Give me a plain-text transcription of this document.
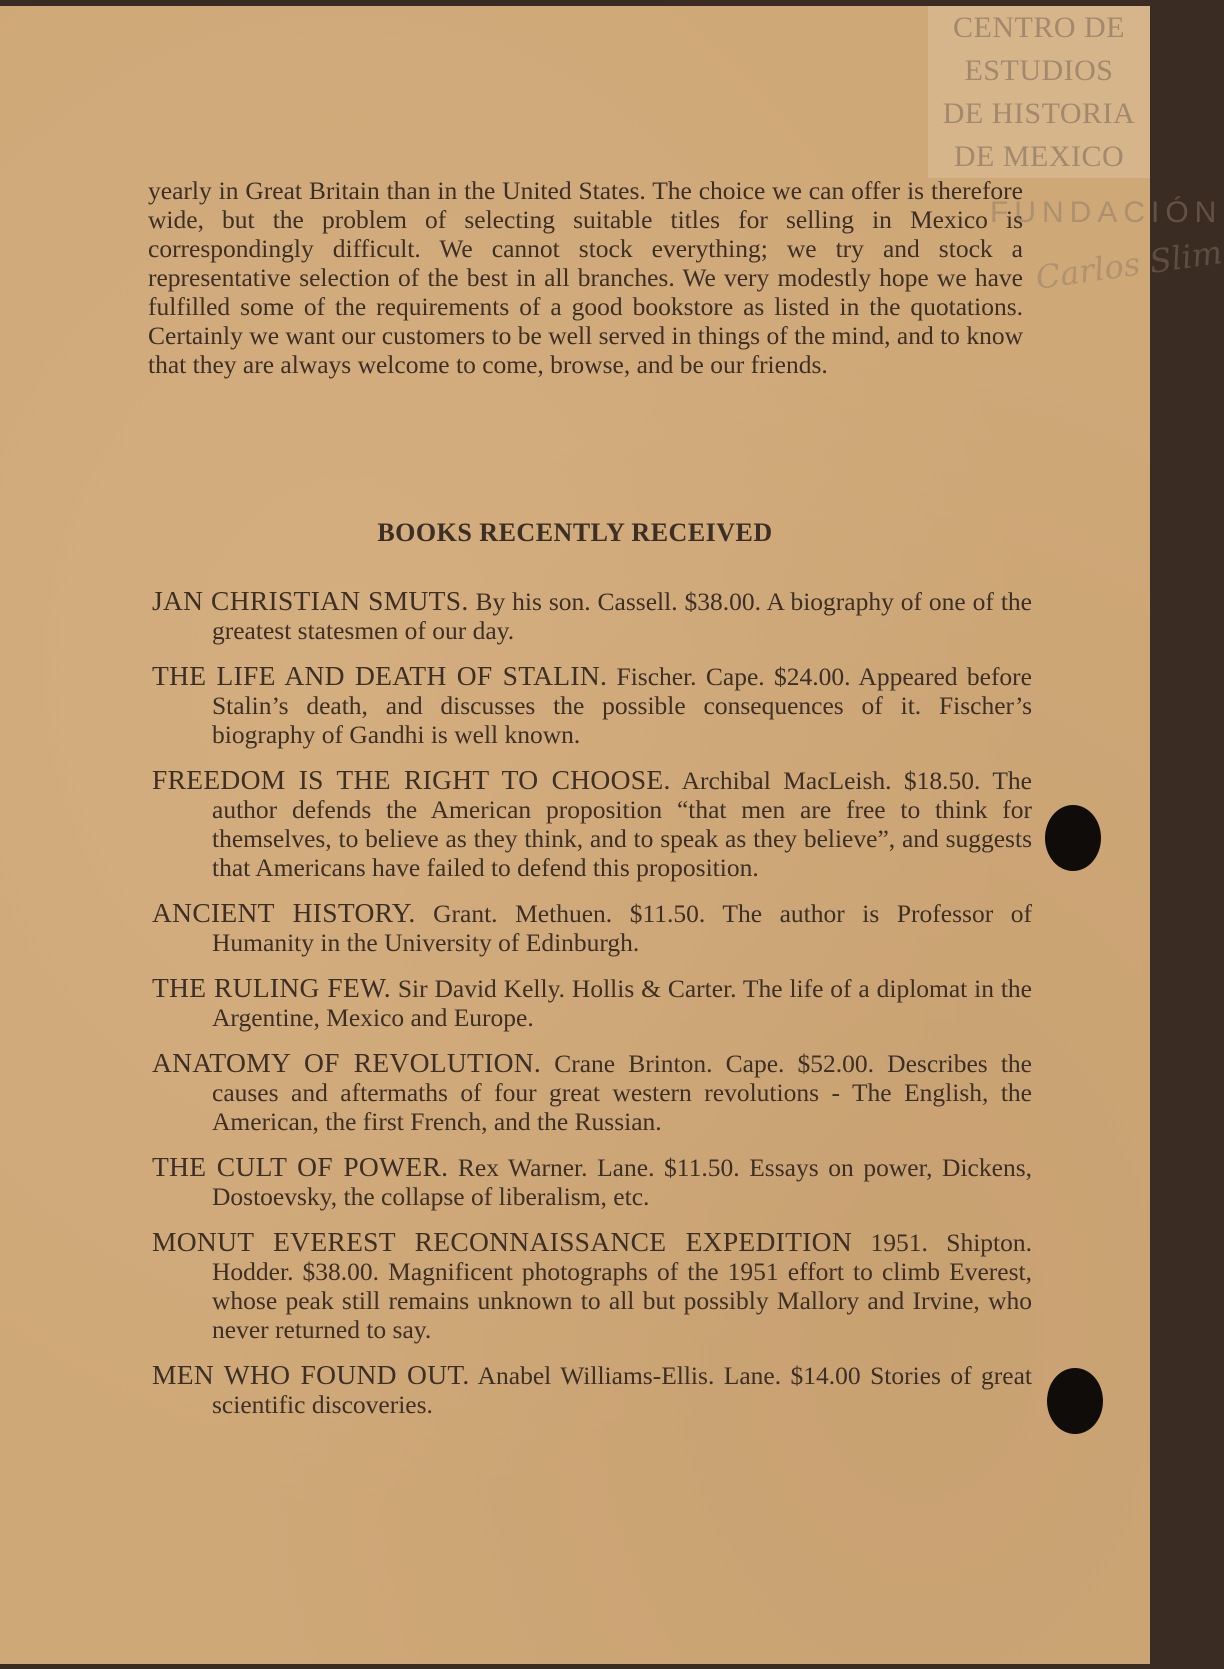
CENTRO DE
ESTUDIOS
DE HISTORIA
DE MEXICO
FUNDACIÓN
Carlos Slim

yearly in Great Britain than in the United States. The choice we can offer is therefore wide, but the problem of selecting suitable titles for selling in Mexico is correspondingly difficult. We cannot stock everything; we try and stock a representative selection of the best in all branches. We very modestly hope we have fulfilled some of the requirements of a good bookstore as listed in the quotations. Certainly we want our customers to be well served in things of the mind, and to know that they are always welcome to come, browse, and be our friends.

BOOKS RECENTLY RECEIVED
JAN CHRISTIAN SMUTS. By his son. Cassell. $38.00. A biography of one of the greatest statesmen of our day.
THE LIFE AND DEATH OF STALIN. Fischer. Cape. $24.00. Appeared before Stalin’s death, and discusses the possible consequences of it. Fischer’s biography of Gandhi is well known.
FREEDOM IS THE RIGHT TO CHOOSE. Archibal MacLeish. $18.50. The author defends the American proposition “that men are free to think for themselves, to believe as they think, and to speak as they believe”, and suggests that Americans have failed to defend this proposition.
ANCIENT HISTORY. Grant. Methuen. $11.50. The author is Professor of Humanity in the University of Edinburgh.
THE RULING FEW. Sir David Kelly. Hollis & Carter. The life of a diplomat in the Argentine, Mexico and Europe.
ANATOMY OF REVOLUTION. Crane Brinton. Cape. $52.00. Describes the causes and aftermaths of four great western revolutions - The English, the American, the first French, and the Russian.
THE CULT OF POWER. Rex Warner. Lane. $11.50. Essays on power, Dickens, Dostoevsky, the collapse of liberalism, etc.
MONUT EVEREST RECONNAISSANCE EXPEDITION 1951. Shipton. Hodder. $38.00. Magnificent photographs of the 1951 effort to climb Everest, whose peak still remains unknown to all but possibly Mallory and Irvine, who never returned to say.
MEN WHO FOUND OUT. Anabel Williams-Ellis. Lane. $14.00 Stories of great scientific discoveries.
